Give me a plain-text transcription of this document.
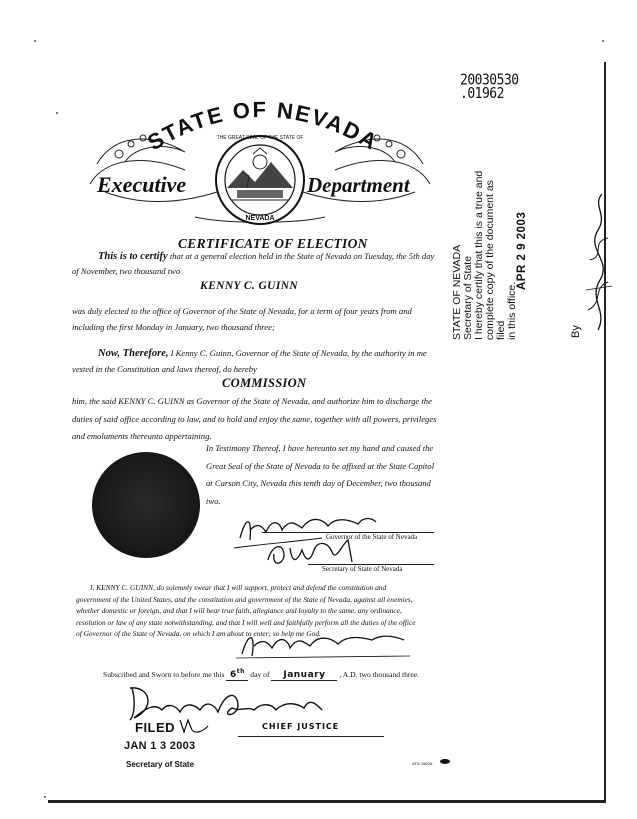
20030530
.01962
STATE OF NEVADA
Executive	Department
NEVADA
THE GREAT SEAL OF THE STATE OF
STATE OF NEVADA Secretary of State I hereby certify that this is a true and complete copy of the document as filed in this office.
APR 2 9 2003
By
CERTIFICATE OF ELECTION
This is to certify that at a general election held in the State of Nevada on Tuesday, the 5th day
of November, two thousand two
KENNY C. GUINN
was duly elected to the office of Governor of the State of Nevada, for a term of four years from and
including the first Monday in January, two thousand three;
Now, Therefore, I Kenny C. Guinn, Governor of the State of Nevada, by the authority in me
vested in the Constitution and laws thereof, do hereby
COMMISSION
him, the said KENNY C. GUINN as Governor of the State of Nevada, and authorize him to discharge the
duties of said office according to law, and to hold and enjoy the same, together with all powers, privileges
and emoluments thereunto appertaining.
In Testimony Thereof, I have hereunto set my hand and caused the
Great Seal of the State of Nevada to be affixed at the State Capitol
at Carson City, Nevada this tenth day of December, two thousand
two.
Governor of the State of Nevada
Secretary of State of Nevada
I, KENNY C. GUINN, do solemnly swear that I will support, protect and defend the constitution and
government of the United States, and the constitution and government of the State of Nevada, against all enemies,
whether domestic or foreign, and that I will bear true faith, allegiance and loyalty to the same, any ordinance,
resolution or law of any state notwithstanding, and that I will well and faithfully perform all the duties of the office
of Governor of the State of Nevada, on which I am about to enter; so help me God.
Subscribed and Sworn to before me this 6th day of January , A.D. two thousand three.
FILED
JAN 1 3 2003
Secretary of State
CHIEF JUSTICE
ATK-1960A
